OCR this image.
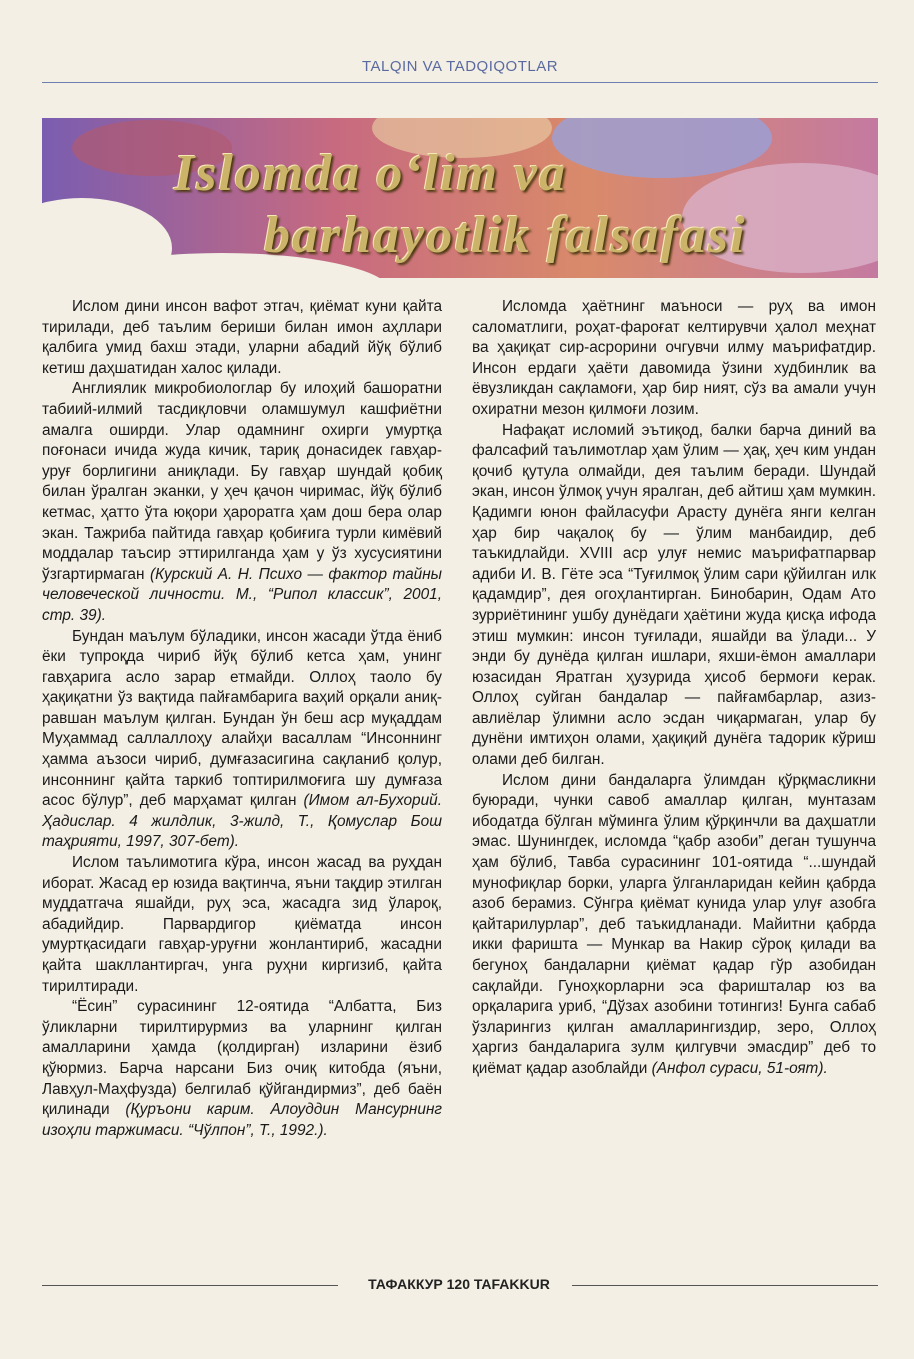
TALQIN VA TADQIQOTLAR
Islomda o‘lim va
barhayotlik falsafasi

Ислом дини инсон вафот этгач, қиёмат куни қайта тирилади, деб таълим бериши билан имон аҳллари қалбига умид бахш этади, уларни абадий йўқ бўлиб кетиш даҳшатидан халос қилади.

Англиялик микробиологлар бу илоҳий башоратни табиий-илмий тасдиқловчи оламшумул кашфиётни амалга оширди. Улар одамнинг охирги умуртқа поғонаси ичида жуда кичик, тариқ донасидек гавҳар-уруғ борлигини аниқлади. Бу гавҳар шундай қобиқ билан ўралган эканки, у ҳеч қачон чиримас, йўқ бўлиб кетмас, ҳатто ўта юқори ҳароратга ҳам дош бера олар экан. Тажриба пайтида гавҳар қобиғига турли кимёвий моддалар таъсир эттирилганда ҳам у ўз хусусиятини ўзгартирмаган (Курский А. Н. Психо — фактор тайны человеческой личности. М., “Рипол классик”, 2001, стр. 39).

Бундан маълум бўладики, инсон жасади ўтда ёниб ёки тупроқда чириб йўқ бўлиб кетса ҳам, унинг гавҳарига асло зарар етмайди. Оллоҳ таоло бу ҳақиқатни ўз вақтида пайғамбарига ваҳий орқали аниқ-равшан маълум қилган. Бундан ўн беш аср муқаддам Муҳаммад саллаллоҳу алайҳи васаллам “Инсоннинг ҳамма аъзоси чириб, думғазасигина сақланиб қолур, инсоннинг қайта таркиб топтирилмоғига шу думғаза асос бўлур”, деб марҳамат қилган (Имом ал-Бухорий. Ҳадислар. 4 жилдлик, 3-жилд, Т., Қомуслар Бош таҳрияти, 1997, 307-бет).

Ислом таълимотига кўра, инсон жасад ва руҳдан иборат. Жасад ер юзида вақтинча, яъни тақдир этилган муддатгача яшайди, руҳ эса, жасадга зид ўлароқ, абадийдир. Парвардигор қиёматда инсон умуртқасидаги гавҳар-уруғни жонлантириб, жасадни қайта шакллантиргач, унга руҳни киргизиб, қайта тирилтиради.

“Ёсин” сурасининг 12-оятида “Албатта, Биз ўликларни тирилтирурмиз ва уларнинг қилган амалларини ҳамда (қолдирган) изларини ёзиб қўюрмиз. Барча нарсани Биз очиқ китобда (яъни, Лавҳул-Маҳфузда) белгилаб қўйгандирмиз”, деб баён қилинади (Қуръони карим. Алоуддин Мансурнинг изоҳли таржимаси. “Чўлпон”, Т., 1992.).

Исломда ҳаётнинг маъноси — руҳ ва имон саломатлиги, роҳат-фароғат келтирувчи ҳалол меҳнат ва ҳақиқат сир-асрорини очгувчи илму маърифатдир. Инсон ердаги ҳаёти давомида ўзини худбинлик ва ёвузликдан сақламоғи, ҳар бир ният, сўз ва амали учун охиратни мезон қилмоғи лозим.

Нафақат исломий эътиқод, балки барча диний ва фалсафий таълимотлар ҳам ўлим — ҳақ, ҳеч ким ундан қочиб қутула олмайди, дея таълим беради. Шундай экан, инсон ўлмоқ учун яралган, деб айтиш ҳам мумкин. Қадимги юнон файласуфи Арасту дунёга янги келган ҳар бир чақалоқ бу — ўлим манбаидир, деб таъкидлайди. XVIII аср улуғ немис маърифатпарвар адиби И. В. Гёте эса “Туғилмоқ ўлим сари қўйилган илк қадамдир”, дея огоҳлантирган. Бинобарин, Одам Ато зурриётининг ушбу дунёдаги ҳаётини жуда қисқа ифода этиш мумкин: инсон туғилади, яшайди ва ўлади... У энди бу дунёда қилган ишлари, яхши-ёмон амаллари юзасидан Яратган ҳузурида ҳисоб бермоғи керак. Оллоҳ суйган бандалар — пайғамбарлар, азиз-авлиёлар ўлимни асло эсдан чиқармаган, улар бу дунёни имтиҳон олами, ҳақиқий дунёга тадорик кўриш олами деб билган.

Ислом дини бандаларга ўлимдан қўрқмасликни буюради, чунки савоб амаллар қилган, мунтазам ибодатда бўлган мўминга ўлим қўрқинчли ва даҳшатли эмас. Шунингдек, исломда “қабр азоби” деган тушунча ҳам бўлиб, Тавба сурасининг 101-оятида “...шундай мунофиқлар борки, уларга ўлганларидан кейин қабрда азоб берамиз. Сўнгра қиёмат кунида улар улуғ азобга қайтарилурлар”, деб таъкидланади. Майитни қабрда икки фаришта — Мункар ва Накир сўроқ қилади ва бегуноҳ бандаларни қиёмат қадар гўр азобидан сақлайди. Гуноҳкорларни эса фаришталар юз ва орқаларига уриб, “Дўзах азобини тотингиз! Бунга сабаб ўзларингиз қилган амалларингиздир, зеро, Оллоҳ ҳаргиз бандаларига зулм қилгувчи эмасдир” деб то қиёмат қадар азоблайди (Анфол сураси, 51-оят).

ТАФАККУР 120 TAFAKKUR
